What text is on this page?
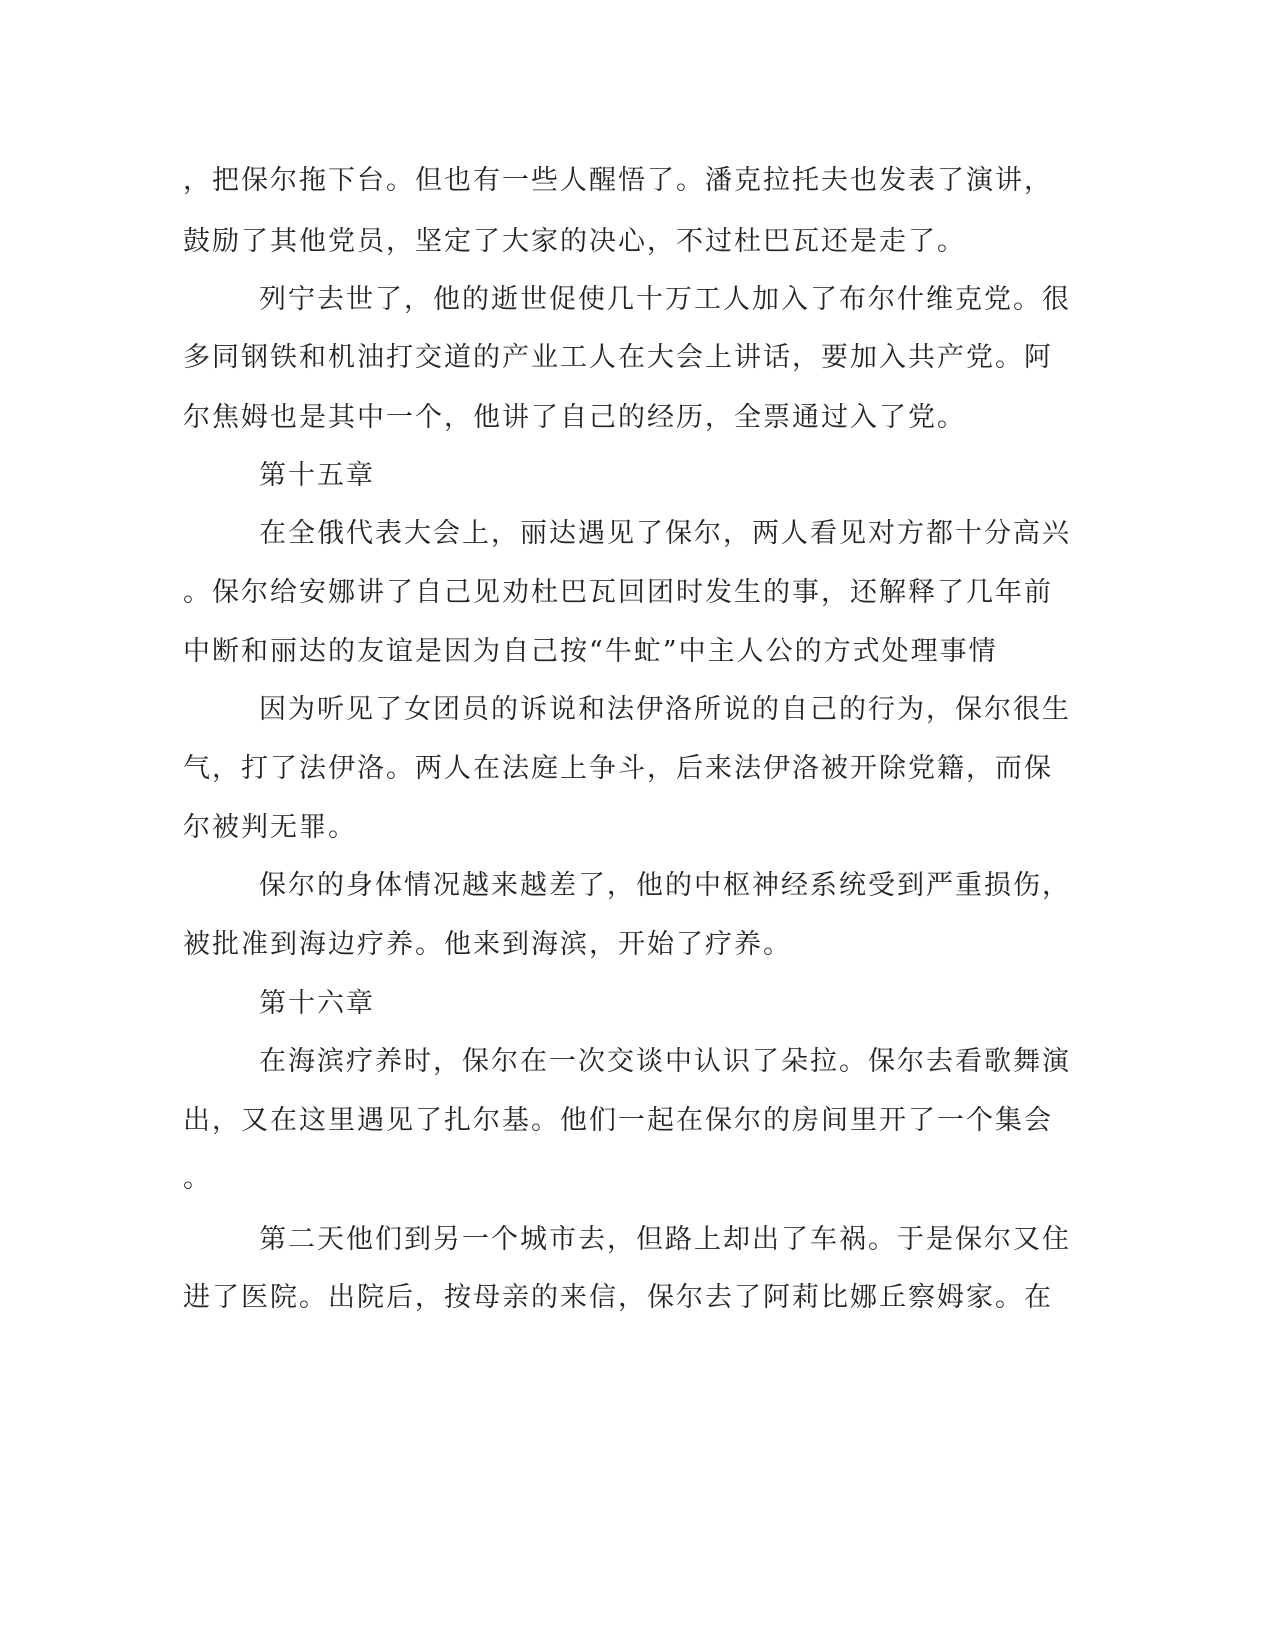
，把保尔拖下台。但也有一些人醒悟了。潘克拉托夫也发表了演讲，
鼓励了其他党员，坚定了大家的决心，不过杜巴瓦还是走了。
列宁去世了，他的逝世促使几十万工人加入了布尔什维克党。很
多同钢铁和机油打交道的产业工人在大会上讲话，要加入共产党。阿
尔焦姆也是其中一个，他讲了自己的经历，全票通过入了党。
第十五章
在全俄代表大会上，丽达遇见了保尔，两人看见对方都十分高兴
。保尔给安娜讲了自己见劝杜巴瓦回团时发生的事，还解释了几年前
中断和丽达的友谊是因为自己按“牛虻”中主人公的方式处理事情
因为听见了女团员的诉说和法伊洛所说的自己的行为，保尔很生
气，打了法伊洛。两人在法庭上争斗，后来法伊洛被开除党籍，而保
尔被判无罪。
保尔的身体情况越来越差了，他的中枢神经系统受到严重损伤，
被批准到海边疗养。他来到海滨，开始了疗养。
第十六章
在海滨疗养时，保尔在一次交谈中认识了朵拉。保尔去看歌舞演
出，又在这里遇见了扎尔基。他们一起在保尔的房间里开了一个集会
。
第二天他们到另一个城市去，但路上却出了车祸。于是保尔又住
进了医院。出院后，按母亲的来信，保尔去了阿莉比娜丘察姆家。在
